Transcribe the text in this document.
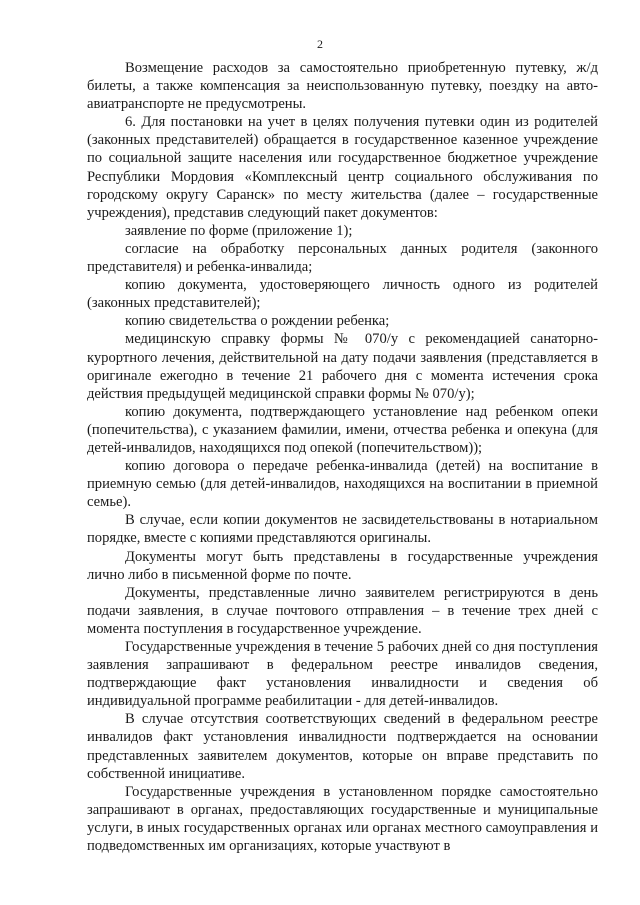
2

Возмещение расходов за самостоятельно приобретенную путевку, ж/д билеты, а также компенсация за неиспользованную путевку, поездку на авто-авиатранспорте не предусмотрены.

6. Для постановки на учет в целях получения путевки один из родителей (законных представителей) обращается в государственное казенное учреждение по социальной защите населения или государственное бюджетное учреждение Республики Мордовия «Комплексный центр социального обслуживания по городскому округу Саранск» по месту жительства (далее – государственные учреждения), представив следующий пакет документов:

заявление по форме (приложение 1);

согласие на обработку персональных данных родителя (законного представителя) и ребенка-инвалида;

копию документа, удостоверяющего личность одного из родителей (законных представителей);

копию свидетельства о рождении ребенка;

медицинскую справку формы № 070/у с рекомендацией санаторно-курортного лечения, действительной на дату подачи заявления (представляется в оригинале ежегодно в течение 21 рабочего дня с момента истечения срока действия предыдущей медицинской справки формы № 070/у);

копию документа, подтверждающего установление над ребенком опеки (попечительства), с указанием фамилии, имени, отчества ребенка и опекуна (для детей-инвалидов, находящихся под опекой (попечительством));

копию договора о передаче ребенка-инвалида (детей) на воспитание в приемную семью (для детей-инвалидов, находящихся на воспитании в приемной семье).

В случае, если копии документов не засвидетельствованы в нотариальном порядке, вместе с копиями представляются оригиналы.

Документы могут быть представлены в государственные учреждения лично либо в письменной форме по почте.

Документы, представленные лично заявителем регистрируются в день подачи заявления, в случае почтового отправления – в течение трех дней с момента поступления в государственное учреждение.

Государственные учреждения в течение 5 рабочих дней со дня поступления заявления запрашивают в федеральном реестре инвалидов сведения, подтверждающие факт установления инвалидности и сведения об индивидуальной программе реабилитации - для детей-инвалидов.

В случае отсутствия соответствующих сведений в федеральном реестре инвалидов факт установления инвалидности подтверждается на основании представленных заявителем документов, которые он вправе представить по собственной инициативе.

Государственные учреждения в установленном порядке самостоятельно запрашивают в органах, предоставляющих государственные и муниципальные услуги, в иных государственных органах или органах местного самоуправления и подведомственных им организациях, которые участвуют в
